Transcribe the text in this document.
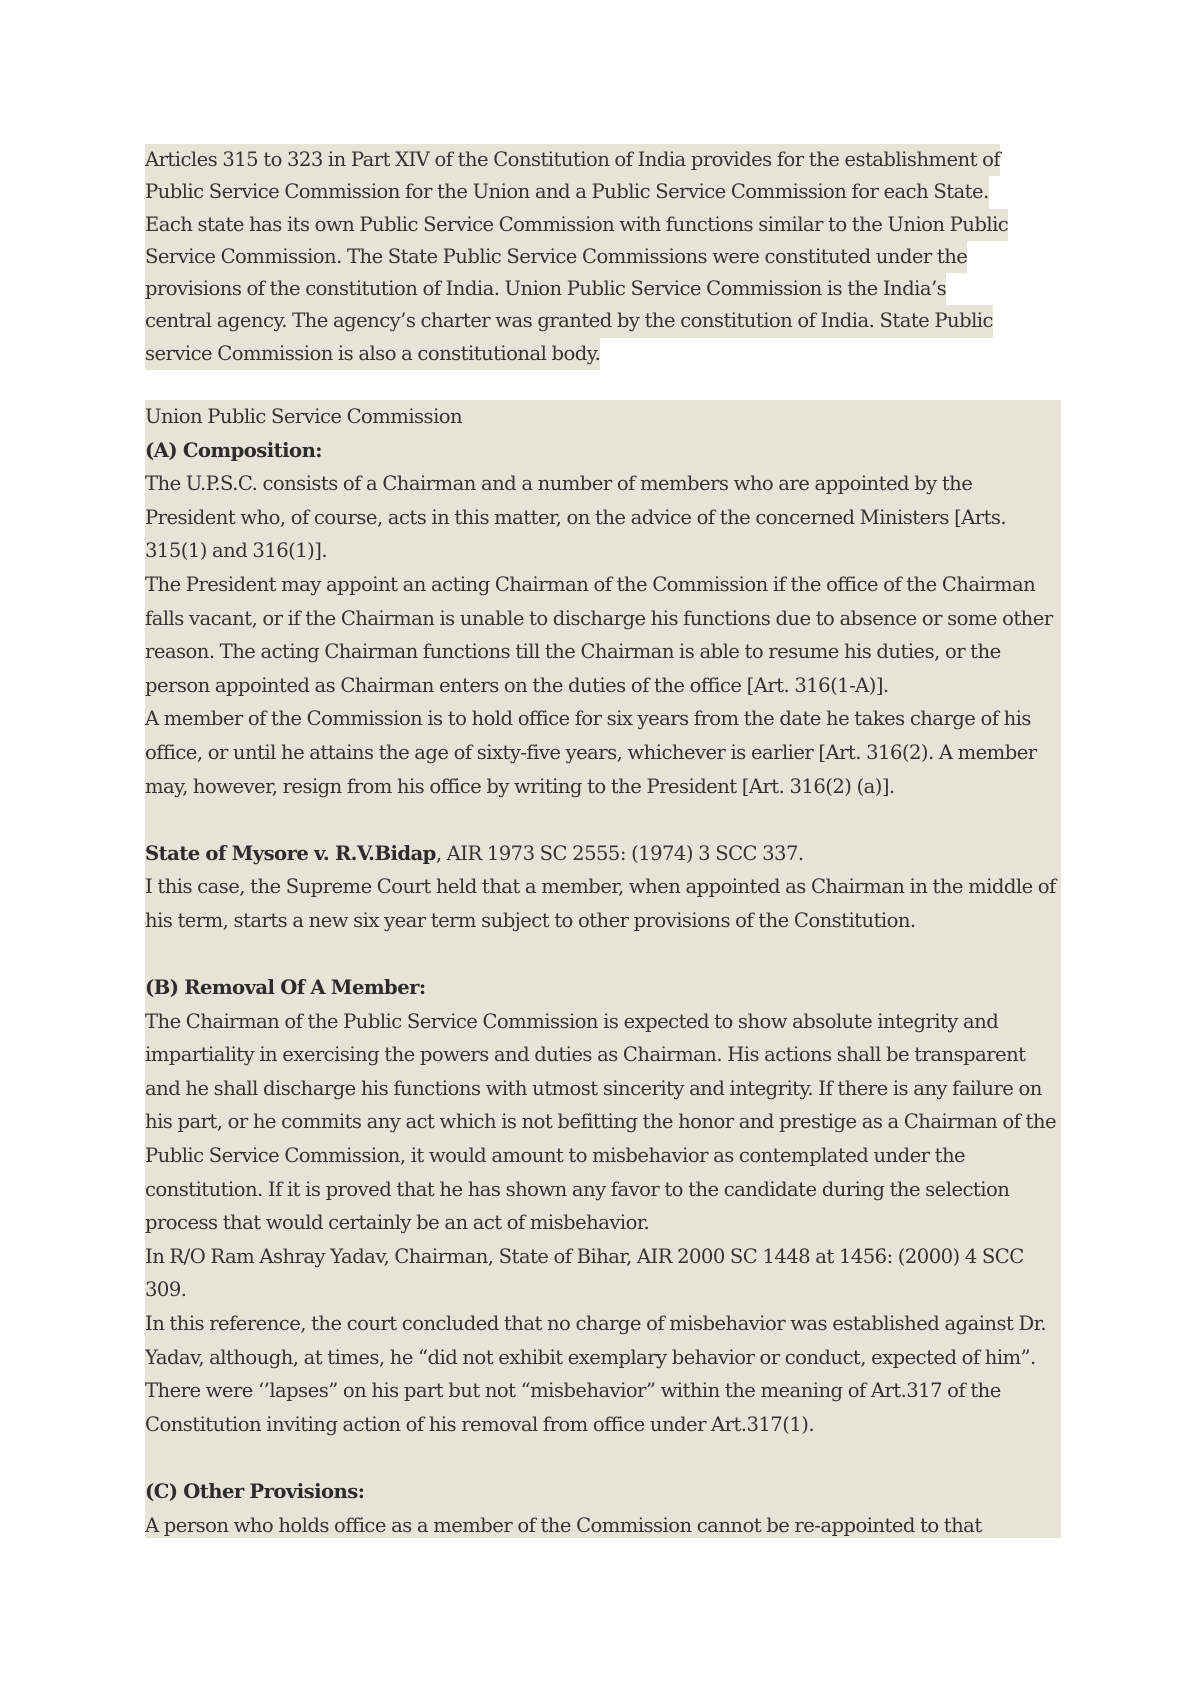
Articles 315 to 323 in Part XIV of the Constitution of India provides for the establishment of
Public Service Commission for the Union and a Public Service Commission for each State.
Each state has its own Public Service Commission with functions similar to the Union Public
Service Commission. The State Public Service Commissions were constituted under the
provisions of the constitution of India. Union Public Service Commission is the India’s
central agency. The agency’s charter was granted by the constitution of India. State Public
service Commission is also a constitutional body.

Union Public Service Commission

(A) Composition:

The U.P.S.C. consists of a Chairman and a number of members who are appointed by the President who, of course, acts in this matter, on the advice of the concerned Ministers [Arts. 315(1) and 316(1)].

The President may appoint an acting Chairman of the Commission if the office of the Chairman falls vacant, or if the Chairman is unable to discharge his functions due to absence or some other reason. The acting Chairman functions till the Chairman is able to resume his duties, or the person appointed as Chairman enters on the duties of the office [Art. 316(1-A)].

A member of the Commission is to hold office for six years from the date he takes charge of his office, or until he attains the age of sixty-five years, whichever is earlier [Art. 316(2). A member may, however, resign from his office by writing to the President [Art. 316(2) (a)].

State of Mysore v. R.V.Bidap, AIR 1973 SC 2555: (1974) 3 SCC 337.

I this case, the Supreme Court held that a member, when appointed as Chairman in the middle of his term, starts a new six year term subject to other provisions of the Constitution.

(B) Removal Of A Member:

The Chairman of the Public Service Commission is expected to show absolute integrity and impartiality in exercising the powers and duties as Chairman. His actions shall be transparent and he shall discharge his functions with utmost sincerity and integrity. If there is any failure on his part, or he commits any act which is not befitting the honor and prestige as a Chairman of the Public Service Commission, it would amount to misbehavior as contemplated under the constitution. If it is proved that he has shown any favor to the candidate during the selection process that would certainly be an act of misbehavior.

In R/O Ram Ashray Yadav, Chairman, State of Bihar, AIR 2000 SC 1448 at 1456: (2000) 4 SCC 309.

In this reference, the court concluded that no charge of misbehavior was established against Dr. Yadav, although, at times, he “did not exhibit exemplary behavior or conduct, expected of him”. There were ‘’lapses” on his part but not “misbehavior” within the meaning of Art.317 of the Constitution inviting action of his removal from office under Art.317(1).

(C) Other Provisions:

A person who holds office as a member of the Commission cannot be re-appointed to that
